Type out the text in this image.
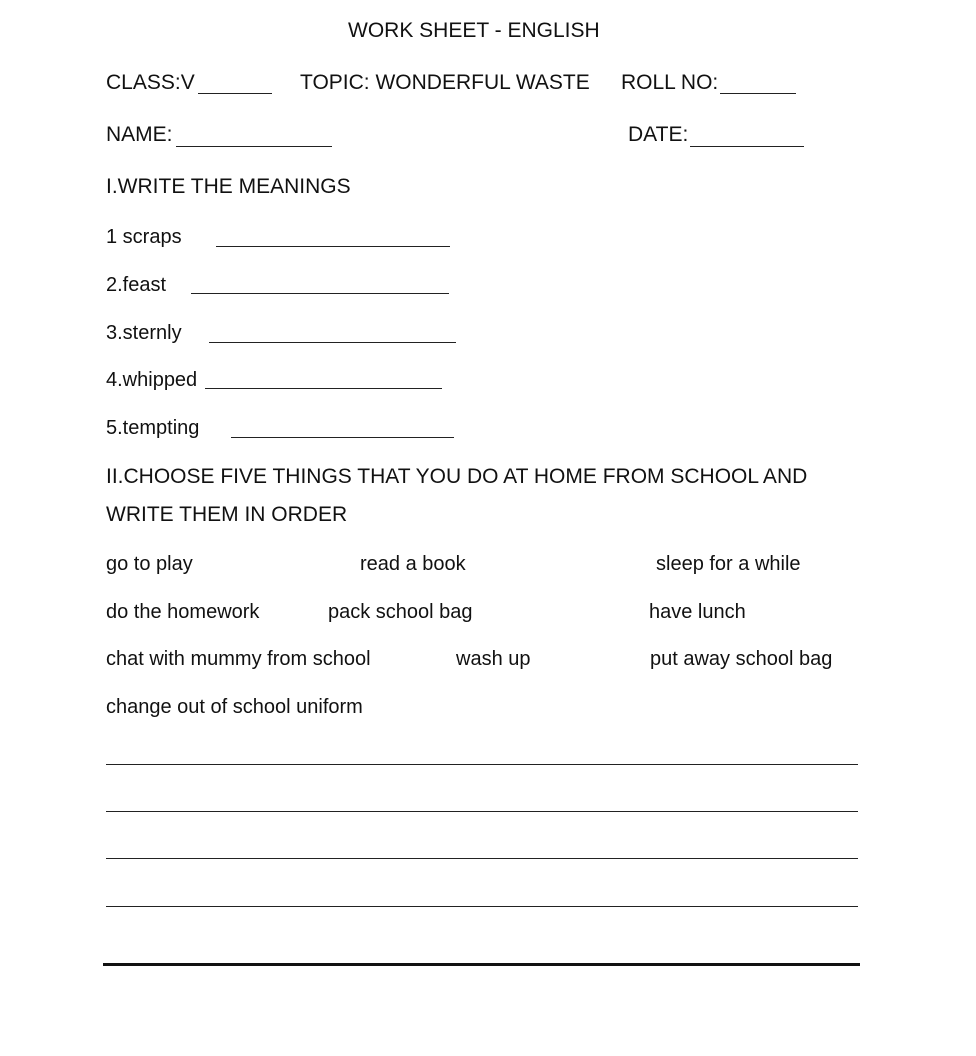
WORK SHEET - ENGLISH
CLASS:V	TOPIC: WONDERFUL WASTE ROLL NO:
NAME:	DATE:
I.WRITE THE MEANINGS
1 scraps
2.feast
3.sternly
4.whipped
5.tempting
II.CHOOSE FIVE THINGS THAT YOU DO AT HOME FROM SCHOOL AND
WRITE THEM IN ORDER
go to play	read a book	sleep for a while
do the homework	pack school bag	have lunch
chat with mummy from school	wash up	put away school bag
change out of school uniform
